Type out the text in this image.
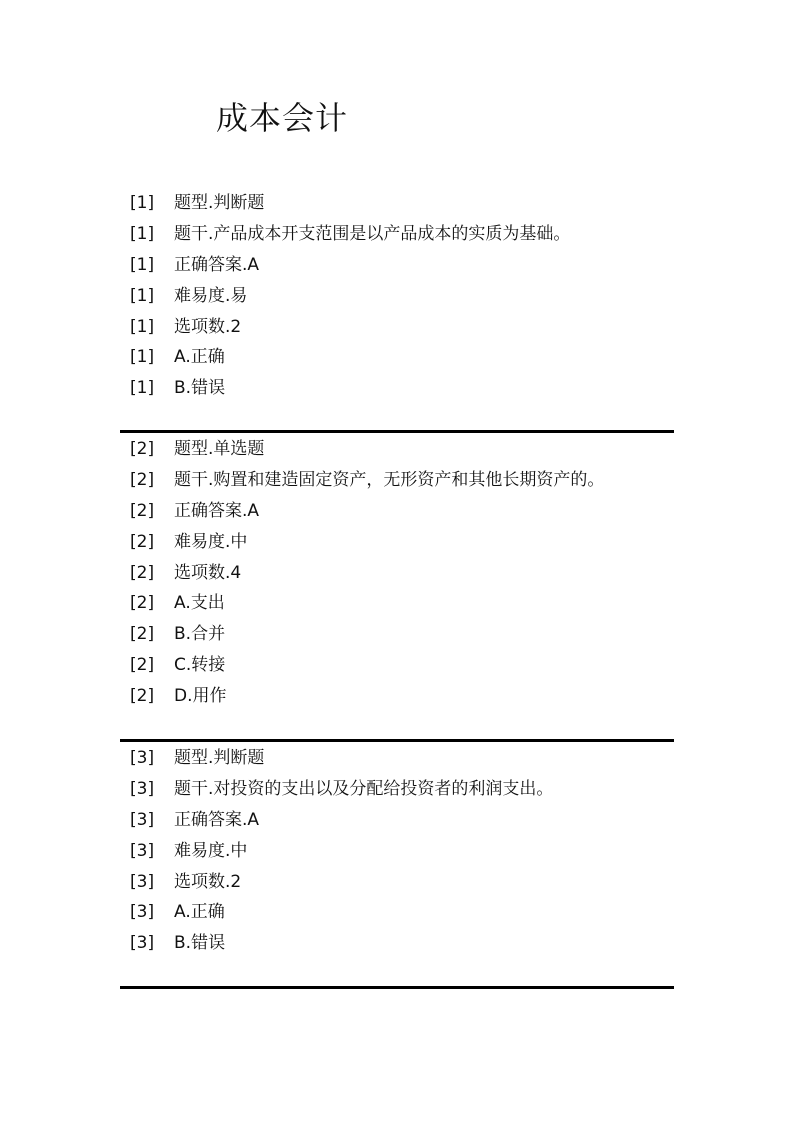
成本会计
[1]	题型.判断题
[1]	题干.产品成本开支范围是以产品成本的实质为基础。
[1]	正确答案.A
[1]	难易度.易
[1]	选项数.2
[1]	A.正确
[1]	B.错误
[2]	题型.单选题
[2]	题干.购置和建造固定资产，无形资产和其他长期资产的。
[2]	正确答案.A
[2]	难易度.中
[2]	选项数.4
[2]	A.支出
[2]	B.合并
[2]	C.转接
[2]	D.用作
[3]	题型.判断题
[3]	题干.对投资的支出以及分配给投资者的利润支出。
[3]	正确答案.A
[3]	难易度.中
[3]	选项数.2
[3]	A.正确
[3]	B.错误
